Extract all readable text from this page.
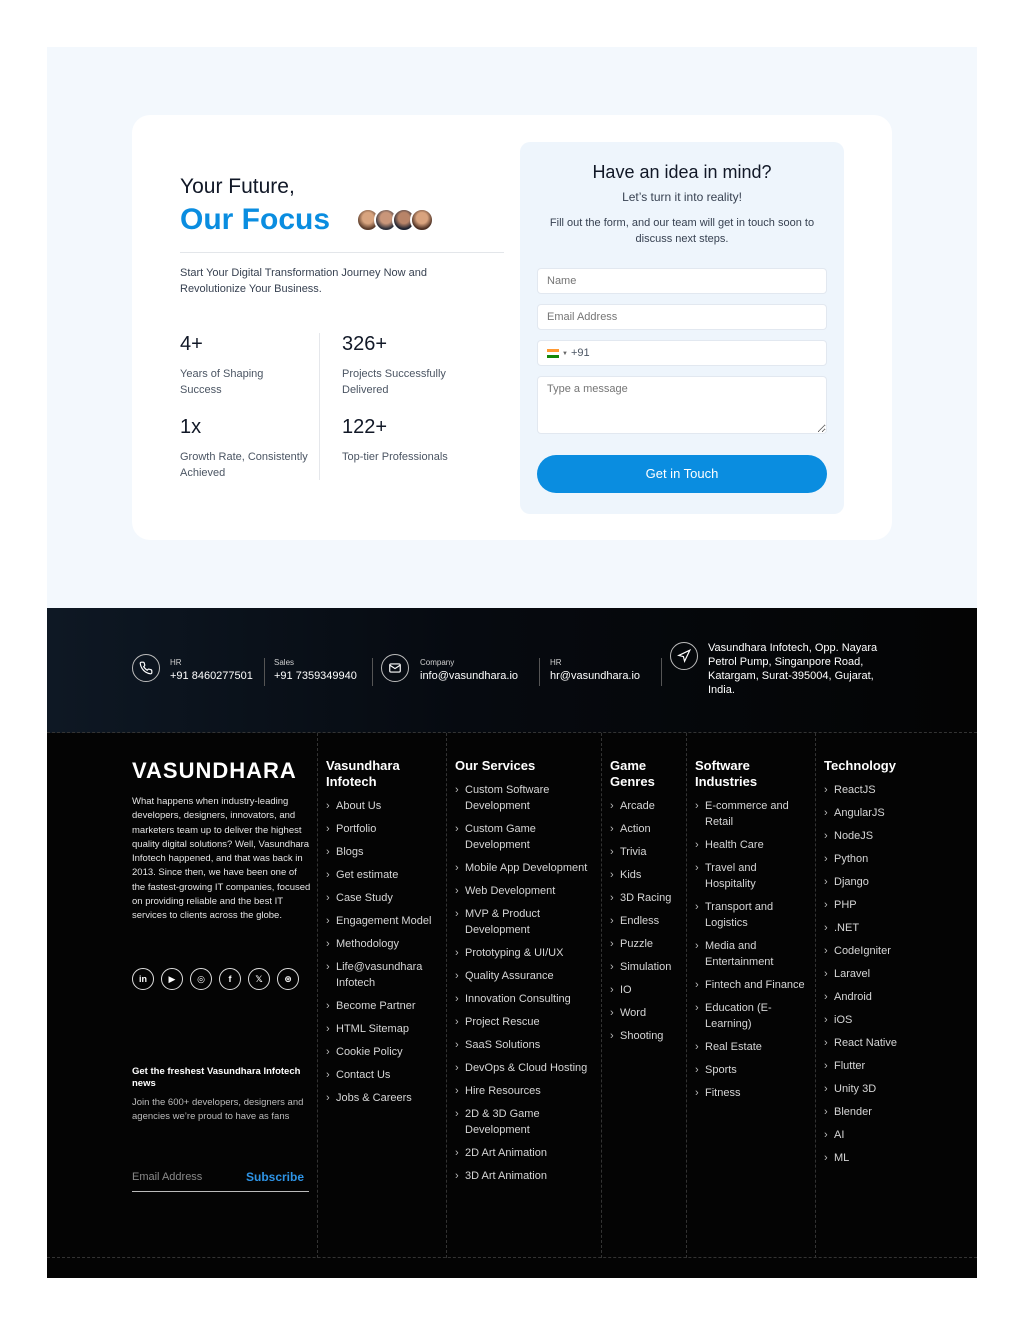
Your Future,
Our Focus
Start Your Digital Transformation Journey Now and Revolutionize Your Business.
4+
Years of Shaping Success
326+
Projects Successfully Delivered
1x
Growth Rate, Consistently Achieved
122+
Top-tier Professionals
Have an idea in mind?
Let’s turn it into reality!
Fill out the form, and our team will get in touch soon to discuss next steps.
Name
Email Address
▼ +91
Type a message
Get in Touch
HR
+91 8460277501
Sales
+91 7359349940
Company
info@vasundhara.io
HR
hr@vasundhara.io
Vasundhara Infotech, Opp. Nayara Petrol Pump, Singanpore Road, Katargam, Surat-395004, Gujarat, India.
VASUNDHARA
What happens when industry-leading developers, designers, innovators, and marketers team up to deliver the highest quality digital solutions? Well, Vasundhara Infotech happened, and that was back in 2013. Since then, we have been one of the fastest-growing IT companies, focused on providing reliable and the best IT services to clients across the globe.
in	▶	◎	f	𝕏	⊛
Get the freshest Vasundhara Infotech news
Join the 600+ developers, designers and agencies we’re proud to have as fans
Email Address	Subscribe
Vasundhara Infotech
› About Us
› Portfolio
› Blogs
› Get estimate
› Case Study
› Engagement Model
› Methodology
› Life@vasundhara Infotech
› Become Partner
› HTML Sitemap
› Cookie Policy
› Contact Us
› Jobs & Careers
Our Services
› Custom Software Development
› Custom Game Development
› Mobile App Development
› Web Development
› MVP & Product Development
› Prototyping & UI/UX
› Quality Assurance
› Innovation Consulting
› Project Rescue
› SaaS Solutions
› DevOps & Cloud Hosting
› Hire Resources
› 2D & 3D Game Development
› 2D Art Animation
› 3D Art Animation
Game Genres
› Arcade
› Action
› Trivia
› Kids
› 3D Racing
› Endless
› Puzzle
› Simulation
› IO
› Word
› Shooting
Software Industries
› E-commerce and Retail
› Health Care
› Travel and Hospitality
› Transport and Logistics
› Media and Entertainment
› Fintech and Finance
› Education (E-Learning)
› Real Estate
› Sports
› Fitness
Technology
› ReactJS
› AngularJS
› NodeJS
› Python
› Django
› PHP
› .NET
› CodeIgniter
› Laravel
› Android
› iOS
› React Native
› Flutter
› Unity 3D
› Blender
› AI
› ML
